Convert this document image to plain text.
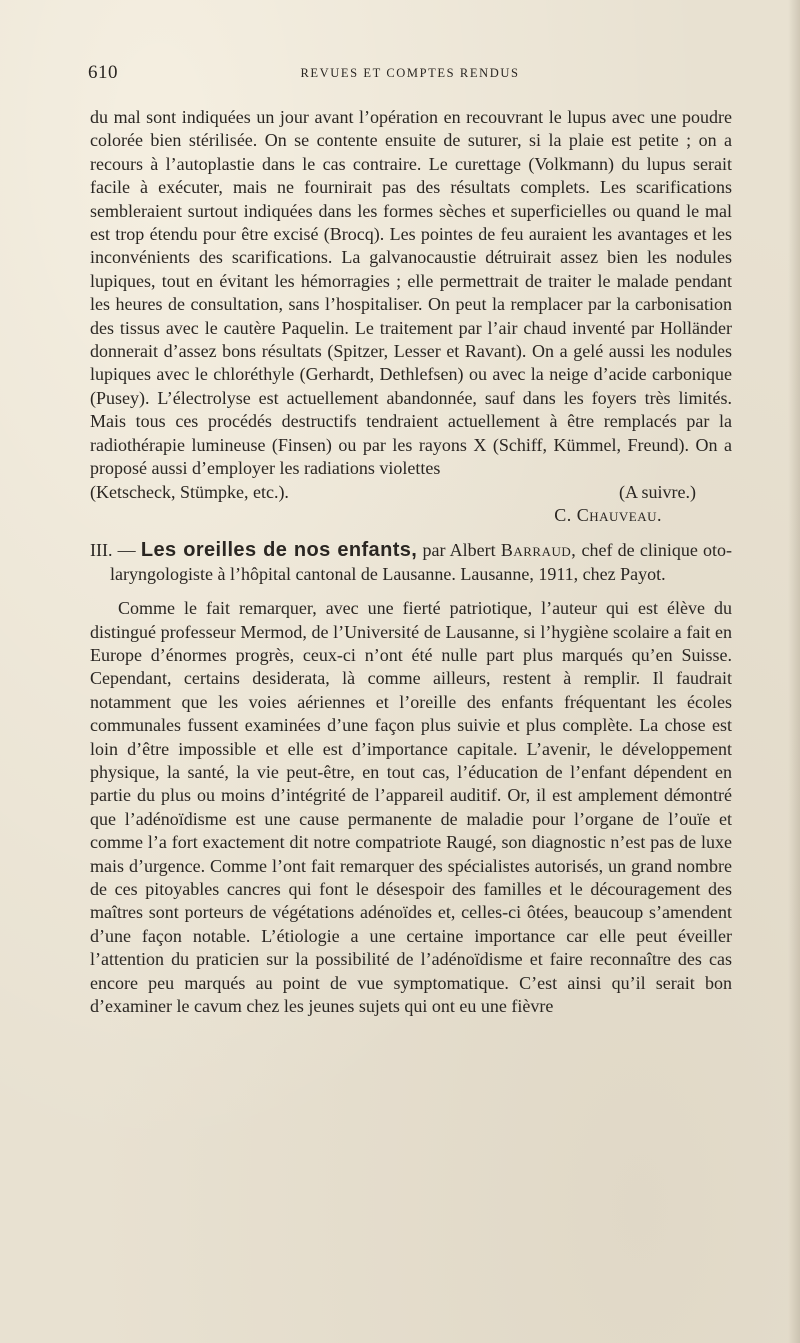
610	REVUES ET COMPTES RENDUS

du mal sont indiquées un jour avant l’opération en recouvrant le lupus avec une poudre colorée bien stérilisée. On se contente ensuite de suturer, si la plaie est petite ; on a recours à l’autoplastie dans le cas contraire. Le curettage (Volkmann) du lupus serait facile à exécuter, mais ne fournirait pas des résultats complets. Les scarifications sembleraient surtout indiquées dans les formes sèches et superficielles ou quand le mal est trop étendu pour être excisé (Brocq). Les pointes de feu auraient les avantages et les inconvénients des scarifications. La galvanocaustie détruirait assez bien les nodules lupiques, tout en évitant les hémorragies ; elle permettrait de traiter le malade pendant les heures de consultation, sans l’hospitaliser. On peut la remplacer par la carbonisation des tissus avec le cautère Paquelin. Le traitement par l’air chaud inventé par Holländer donnerait d’assez bons résultats (Spitzer, Lesser et Ravant). On a gelé aussi les nodules lupiques avec le chloréthyle (Gerhardt, Dethlefsen) ou avec la neige d’acide carbonique (Pusey). L’électrolyse est actuellement abandonnée, sauf dans les foyers très limités. Mais tous ces procédés destructifs tendraient actuellement à être remplacés par la radiothérapie lumineuse (Finsen) ou par les rayons X (Schiff, Kümmel, Freund). On a proposé aussi d’employer les radiations violettes

(Ketscheck, Stümpke, etc.).	(A suivre.)
C. Chauveau.

III. — Les oreilles de nos enfants, par Albert Barraud, chef de clinique oto-laryngologiste à l’hôpital cantonal de Lausanne. Lausanne, 1911, chez Payot.

Comme le fait remarquer, avec une fierté patriotique, l’auteur qui est élève du distingué professeur Mermod, de l’Université de Lausanne, si l’hygiène scolaire a fait en Europe d’énormes progrès, ceux-ci n’ont été nulle part plus marqués qu’en Suisse. Cependant, certains desiderata, là comme ailleurs, restent à remplir. Il faudrait notamment que les voies aériennes et l’oreille des enfants fréquentant les écoles communales fussent examinées d’une façon plus suivie et plus complète. La chose est loin d’être impossible et elle est d’importance capitale. L’avenir, le développement physique, la santé, la vie peut-être, en tout cas, l’éducation de l’enfant dépendent en partie du plus ou moins d’intégrité de l’appareil auditif. Or, il est amplement démontré que l’adénoïdisme est une cause permanente de maladie pour l’organe de l’ouïe et comme l’a fort exactement dit notre compatriote Raugé, son diagnostic n’est pas de luxe mais d’urgence. Comme l’ont fait remarquer des spécialistes autorisés, un grand nombre de ces pitoyables cancres qui font le désespoir des familles et le découragement des maîtres sont porteurs de végétations adénoïdes et, celles-ci ôtées, beaucoup s’amendent d’une façon notable. L’étiologie a une certaine importance car elle peut éveiller l’attention du praticien sur la possibilité de l’adénoïdisme et faire reconnaître des cas encore peu marqués au point de vue symptomatique. C’est ainsi qu’il serait bon d’examiner le cavum chez les jeunes sujets qui ont eu une fièvre
